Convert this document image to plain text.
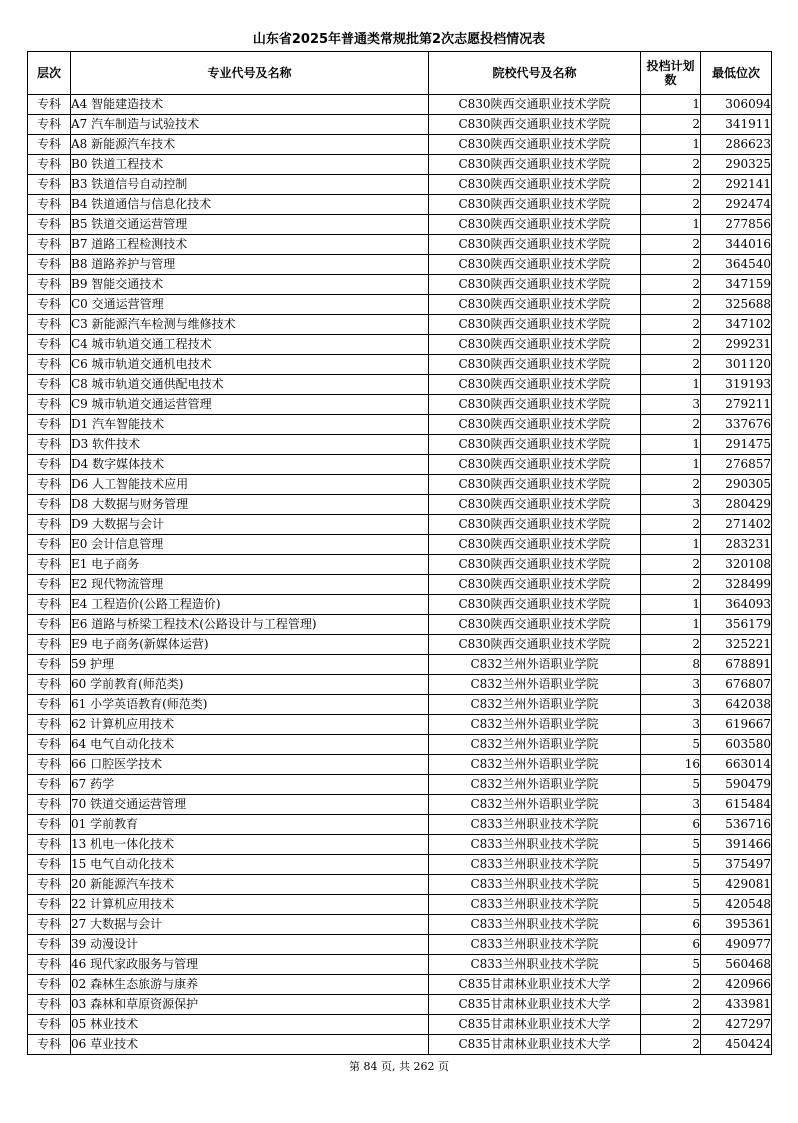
山东省2025年普通类常规批第2次志愿投档情况表
层次	专业代号及名称	院校代号及名称	投档计划数	最低位次
专科	A4 智能建造技术	C830陕西交通职业技术学院	1	306094
专科	A7 汽车制造与试验技术	C830陕西交通职业技术学院	2	341911
专科	A8 新能源汽车技术	C830陕西交通职业技术学院	1	286623
专科	B0 铁道工程技术	C830陕西交通职业技术学院	2	290325
专科	B3 铁道信号自动控制	C830陕西交通职业技术学院	2	292141
专科	B4 铁道通信与信息化技术	C830陕西交通职业技术学院	2	292474
专科	B5 铁道交通运营管理	C830陕西交通职业技术学院	1	277856
专科	B7 道路工程检测技术	C830陕西交通职业技术学院	2	344016
专科	B8 道路养护与管理	C830陕西交通职业技术学院	2	364540
专科	B9 智能交通技术	C830陕西交通职业技术学院	2	347159
专科	C0 交通运营管理	C830陕西交通职业技术学院	2	325688
专科	C3 新能源汽车检测与维修技术	C830陕西交通职业技术学院	2	347102
专科	C4 城市轨道交通工程技术	C830陕西交通职业技术学院	2	299231
专科	C6 城市轨道交通机电技术	C830陕西交通职业技术学院	2	301120
专科	C8 城市轨道交通供配电技术	C830陕西交通职业技术学院	1	319193
专科	C9 城市轨道交通运营管理	C830陕西交通职业技术学院	3	279211
专科	D1 汽车智能技术	C830陕西交通职业技术学院	2	337676
专科	D3 软件技术	C830陕西交通职业技术学院	1	291475
专科	D4 数字媒体技术	C830陕西交通职业技术学院	1	276857
专科	D6 人工智能技术应用	C830陕西交通职业技术学院	2	290305
专科	D8 大数据与财务管理	C830陕西交通职业技术学院	3	280429
专科	D9 大数据与会计	C830陕西交通职业技术学院	2	271402
专科	E0 会计信息管理	C830陕西交通职业技术学院	1	283231
专科	E1 电子商务	C830陕西交通职业技术学院	2	320108
专科	E2 现代物流管理	C830陕西交通职业技术学院	2	328499
专科	E4 工程造价(公路工程造价)	C830陕西交通职业技术学院	1	364093
专科	E6 道路与桥梁工程技术(公路设计与工程管理)	C830陕西交通职业技术学院	1	356179
专科	E9 电子商务(新媒体运营)	C830陕西交通职业技术学院	2	325221
专科	59 护理	C832兰州外语职业学院	8	678891
专科	60 学前教育(师范类)	C832兰州外语职业学院	3	676807
专科	61 小学英语教育(师范类)	C832兰州外语职业学院	3	642038
专科	62 计算机应用技术	C832兰州外语职业学院	3	619667
专科	64 电气自动化技术	C832兰州外语职业学院	5	603580
专科	66 口腔医学技术	C832兰州外语职业学院	16	663014
专科	67 药学	C832兰州外语职业学院	5	590479
专科	70 铁道交通运营管理	C832兰州外语职业学院	3	615484
专科	01 学前教育	C833兰州职业技术学院	6	536716
专科	13 机电一体化技术	C833兰州职业技术学院	5	391466
专科	15 电气自动化技术	C833兰州职业技术学院	5	375497
专科	20 新能源汽车技术	C833兰州职业技术学院	5	429081
专科	22 计算机应用技术	C833兰州职业技术学院	5	420548
专科	27 大数据与会计	C833兰州职业技术学院	6	395361
专科	39 动漫设计	C833兰州职业技术学院	6	490977
专科	46 现代家政服务与管理	C833兰州职业技术学院	5	560468
专科	02 森林生态旅游与康养	C835甘肃林业职业技术大学	2	420966
专科	03 森林和草原资源保护	C835甘肃林业职业技术大学	2	433981
专科	05 林业技术	C835甘肃林业职业技术大学	2	427297
专科	06 草业技术	C835甘肃林业职业技术大学	2	450424
第 84 页, 共 262 页
